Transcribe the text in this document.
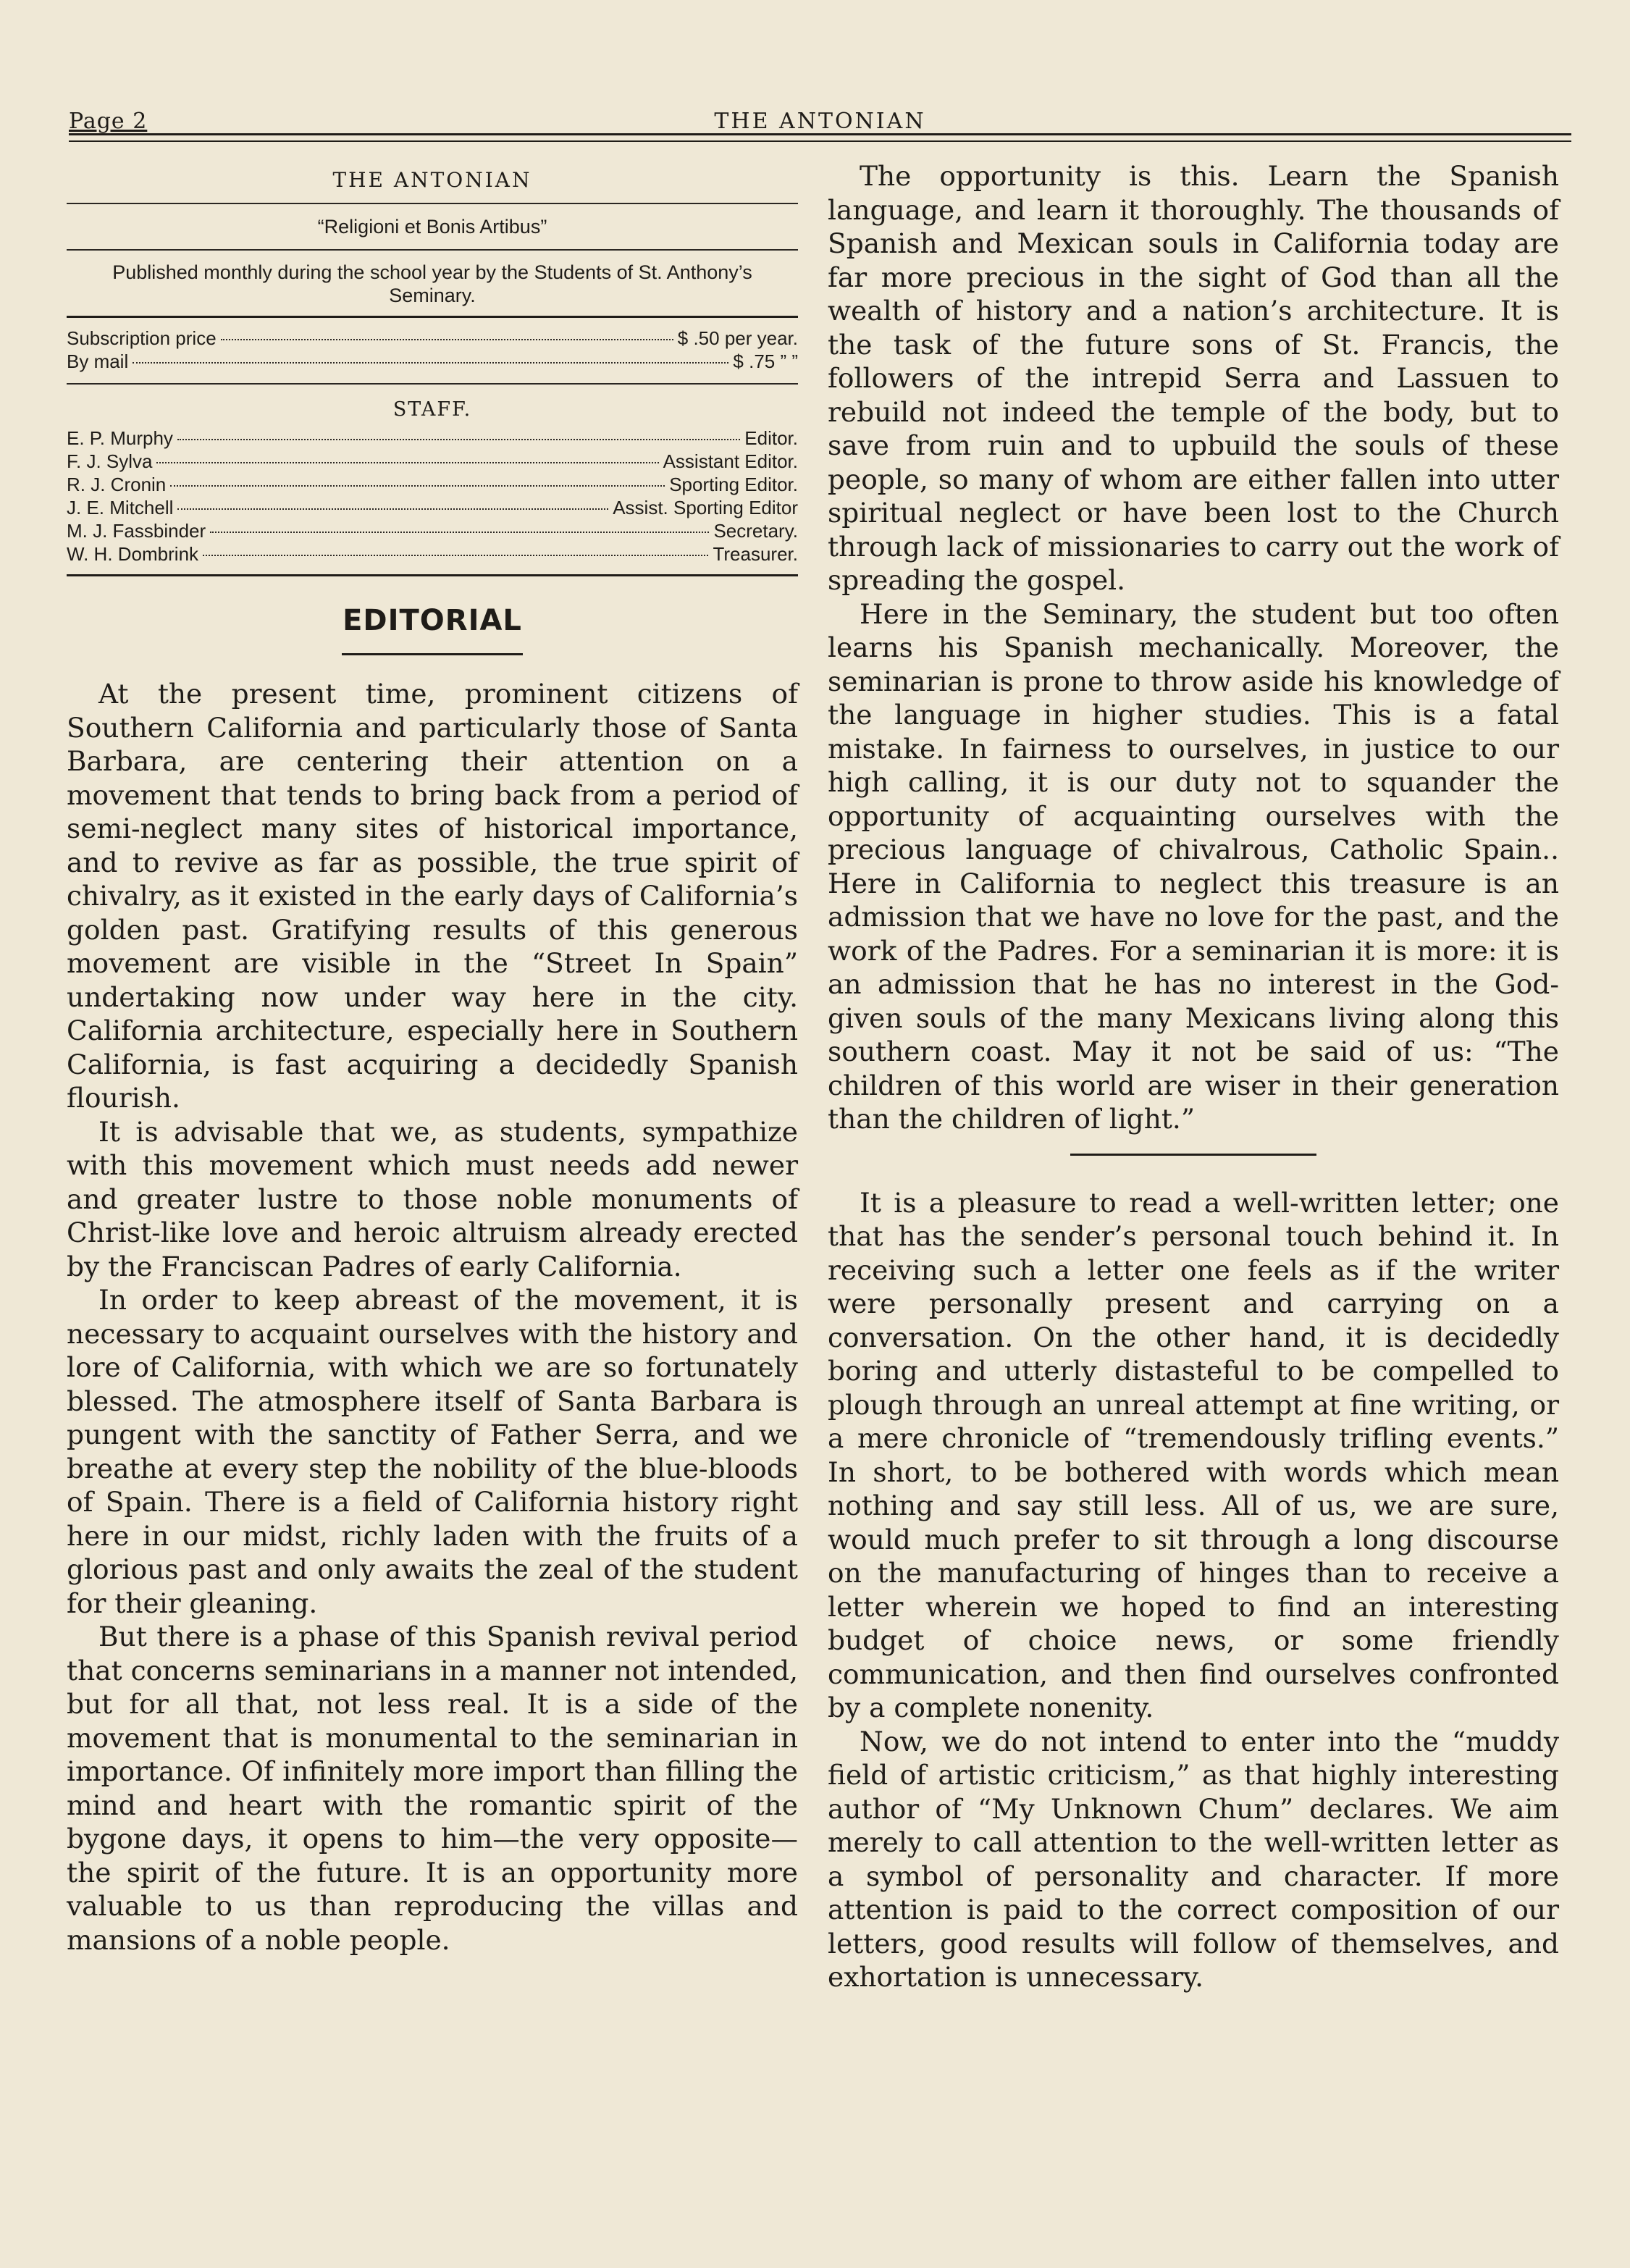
Page 2	THE ANTONIAN
THE ANTONIAN
“Religioni et Bonis Artibus”
Published monthly during the school year by the Students of St. Anthony’s Seminary.
Subscription price	$ .50 per year.
By mail	$ .75 ” ”
STAFF.
E. P. Murphy	Editor.
F. J. Sylva	Assistant Editor.
R. J. Cronin	Sporting Editor.
J. E. Mitchell	Assist. Sporting Editor
M. J. Fassbinder	Secretary.
W. H. Dombrink	Treasurer.
EDITORIAL

At the present time, prominent citizens of Southern California and particularly those of Santa Barbara, are centering their attention on a movement that tends to bring back from a period of semi-neglect many sites of historical importance, and to revive as far as possible, the true spirit of chivalry, as it existed in the early days of California’s golden past. Gratifying results of this generous movement are visible in the “Street In Spain” undertaking now under way here in the city. California architecture, especially here in Southern California, is fast acquiring a decidedly Spanish flourish.

It is advisable that we, as students, sympathize with this movement which must needs add newer and greater lustre to those noble monuments of Christ-like love and heroic altruism already erected by the Franciscan Padres of early California.

In order to keep abreast of the movement, it is necessary to acquaint ourselves with the history and lore of California, with which we are so fortunately blessed. The atmosphere itself of Santa Barbara is pungent with the sanctity of Father Serra, and we breathe at every step the nobility of the blue-bloods of Spain. There is a field of California history right here in our midst, richly laden with the fruits of a glorious past and only awaits the zeal of the student for their gleaning.

But there is a phase of this Spanish revival period that concerns seminarians in a manner not intended, but for all that, not less real. It is a side of the movement that is monumental to the seminarian in importance. Of infinitely more import than filling the mind and heart with the romantic spirit of the bygone days, it opens to him—the very opposite—the spirit of the future. It is an opportunity more valuable to us than reproducing the villas and mansions of a noble people.

The opportunity is this. Learn the Spanish language, and learn it thoroughly. The thousands of Spanish and Mexican souls in California today are far more precious in the sight of God than all the wealth of history and a nation’s architecture. It is the task of the future sons of St. Francis, the followers of the intrepid Serra and Lassuen to rebuild not indeed the temple of the body, but to save from ruin and to upbuild the souls of these people, so many of whom are either fallen into utter spiritual neglect or have been lost to the Church through lack of missionaries to carry out the work of spreading the gospel.

Here in the Seminary, the student but too often learns his Spanish mechanically. Moreover, the seminarian is prone to throw aside his knowledge of the language in higher studies. This is a fatal mistake. In fairness to ourselves, in justice to our high calling, it is our duty not to squander the opportunity of acquainting ourselves with the precious language of chivalrous, Catholic Spain.. Here in California to neglect this treasure is an admission that we have no love for the past, and the work of the Padres. For a seminarian it is more: it is an admission that he has no interest in the God-given souls of the many Mexicans living along this southern coast. May it not be said of us: “The children of this world are wiser in their generation than the children of light.”

It is a pleasure to read a well-written letter; one that has the sender’s personal touch behind it. In receiving such a letter one feels as if the writer were personally present and carrying on a conversation. On the other hand, it is decidedly boring and utterly distasteful to be compelled to plough through an unreal attempt at fine writing, or a mere chronicle of “tremendously trifling events.” In short, to be bothered with words which mean nothing and say still less. All of us, we are sure, would much prefer to sit through a long discourse on the manufacturing of hinges than to receive a letter wherein we hoped to find an interesting budget of choice news, or some friendly communication, and then find ourselves confronted by a complete nonenity.

Now, we do not intend to enter into the “muddy field of artistic criticism,” as that highly interesting author of “My Unknown Chum” declares. We aim merely to call attention to the well-written letter as a symbol of personality and character. If more attention is paid to the correct composition of our letters, good results will follow of themselves, and exhortation is unnecessary.
